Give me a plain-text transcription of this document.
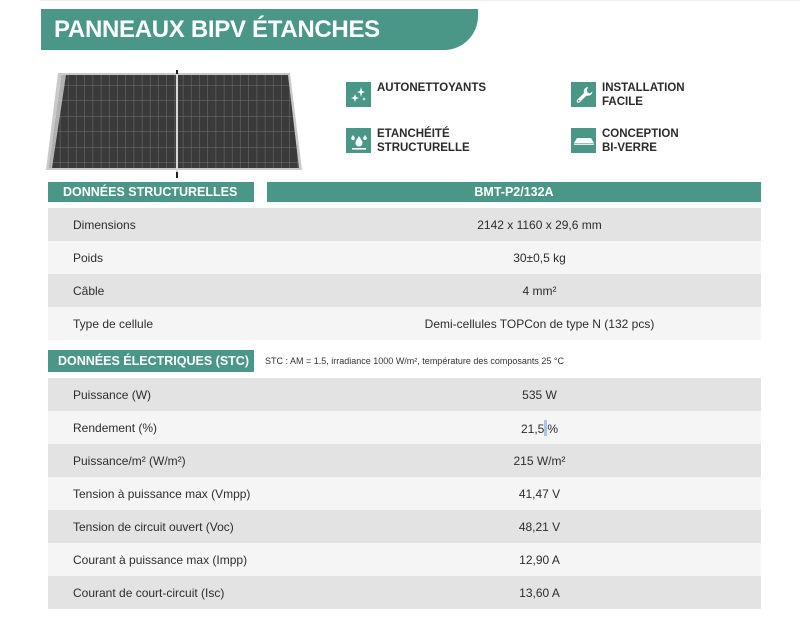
PANNEAUX BIPV ÉTANCHES
AUTONETTOYANTS	INSTALLATION
FACILE
ETANCHÉITÉ
STRUCTURELLE
CONCEPTION
BI-VERRE
DONNÉES STRUCTURELLES	BMT-P2/132A
Dimensions	2142 x 1160 x 29,6 mm
Poids	30±0,5 kg
Câble	4 mm²
Type de cellule	Demi-cellules TOPCon de type N (132 pcs)
DONNÉES ÉLECTRIQUES (STC)	STC : AM = 1.5, irradiance 1000 W/m², température des composants 25 °C
Puissance (W)	535 W
Rendement (%)	21,5 %
Puissance/m² (W/m²)	215 W/m²
Tension à puissance max (Vmpp)	41,47 V
Tension de circuit ouvert (Voc)	48,21 V
Courant à puissance max (Impp)	12,90 A
Courant de court-circuit (Isc)	13,60 A
